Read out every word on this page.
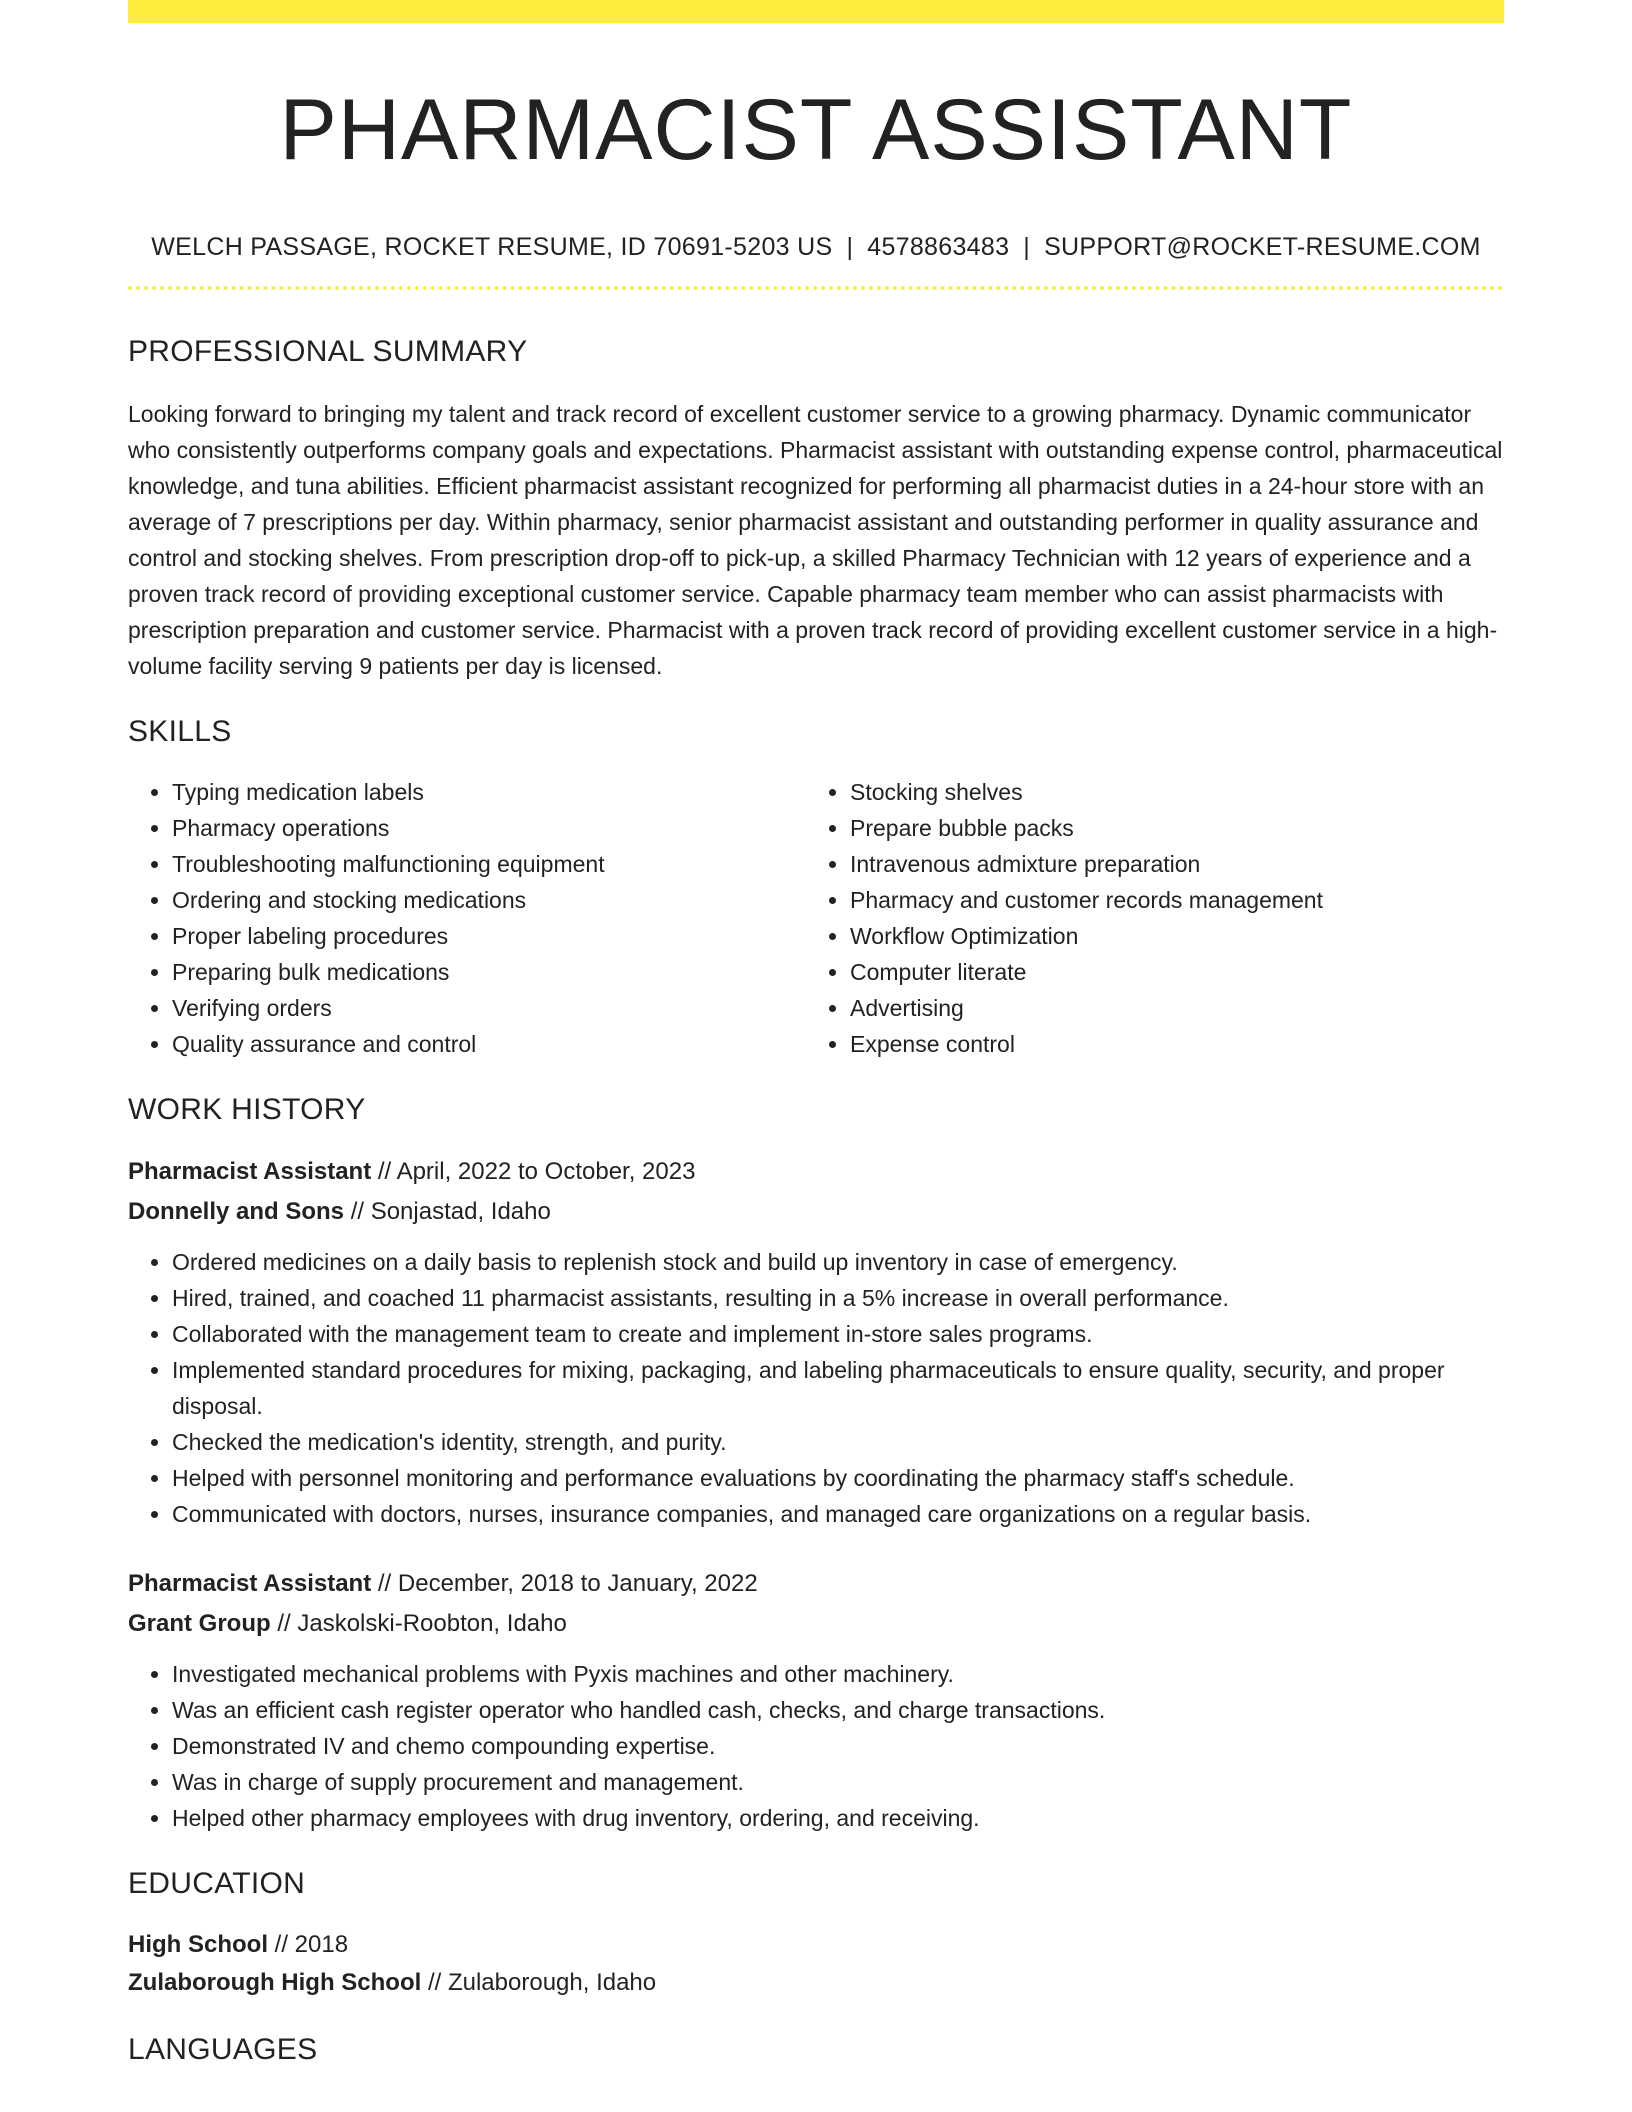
PHARMACIST ASSISTANT
WELCH PASSAGE, ROCKET RESUME, ID 70691-5203 US | 4578863483 | SUPPORT@ROCKET-RESUME.COM
PROFESSIONAL SUMMARY

Looking forward to bringing my talent and track record of excellent customer service to a growing pharmacy. Dynamic communicator who consistently outperforms company goals and expectations. Pharmacist assistant with outstanding expense control, pharmaceutical knowledge, and tuna abilities. Efficient pharmacist assistant recognized for performing all pharmacist duties in a 24-hour store with an average of 7 prescriptions per day. Within pharmacy, senior pharmacist assistant and outstanding performer in quality assurance and control and stocking shelves. From prescription drop-off to pick-up, a skilled Pharmacy Technician with 12 years of experience and a proven track record of providing exceptional customer service. Capable pharmacy team member who can assist pharmacists with prescription preparation and customer service. Pharmacist with a proven track record of providing excellent customer service in a high-volume facility serving 9 patients per day is licensed.

SKILLS
• Typing medication labels
• Pharmacy operations
• Troubleshooting malfunctioning equipment
• Ordering and stocking medications
• Proper labeling procedures
• Preparing bulk medications
• Verifying orders
• Quality assurance and control
• Stocking shelves
• Prepare bubble packs
• Intravenous admixture preparation
• Pharmacy and customer records management
• Workflow Optimization
• Computer literate
• Advertising
• Expense control
WORK HISTORY
Pharmacist Assistant // April, 2022 to October, 2023
Donnelly and Sons // Sonjastad, Idaho
• Ordered medicines on a daily basis to replenish stock and build up inventory in case of emergency.
• Hired, trained, and coached 11 pharmacist assistants, resulting in a 5% increase in overall performance.
• Collaborated with the management team to create and implement in-store sales programs.
• Implemented standard procedures for mixing, packaging, and labeling pharmaceuticals to ensure quality, security, and proper disposal.
• Checked the medication's identity, strength, and purity.
• Helped with personnel monitoring and performance evaluations by coordinating the pharmacy staff's schedule.
• Communicated with doctors, nurses, insurance companies, and managed care organizations on a regular basis.
Pharmacist Assistant // December, 2018 to January, 2022
Grant Group // Jaskolski-Roobton, Idaho
• Investigated mechanical problems with Pyxis machines and other machinery.
• Was an efficient cash register operator who handled cash, checks, and charge transactions.
• Demonstrated IV and chemo compounding expertise.
• Was in charge of supply procurement and management.
• Helped other pharmacy employees with drug inventory, ordering, and receiving.
EDUCATION
High School // 2018
Zulaborough High School // Zulaborough, Idaho
LANGUAGES
